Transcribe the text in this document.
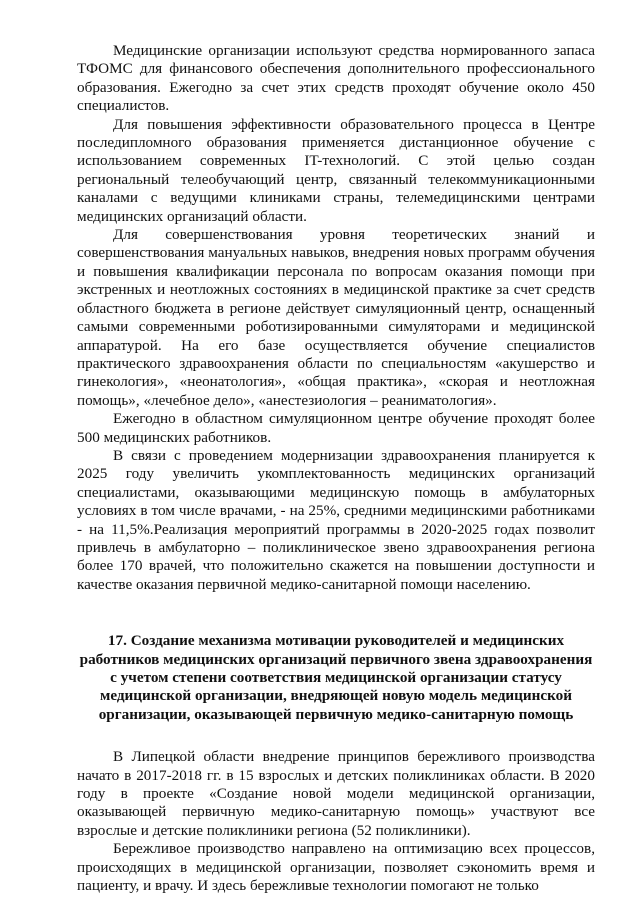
Медицинские организации используют средства нормированного запаса ТФОМС для финансового обеспечения дополнительного профессионального образования. Ежегодно за счет этих средств проходят обучение около 450 специалистов.

Для повышения эффективности образовательного процесса в Центре последипломного образования применяется дистанционное обучение с использованием современных IT-технологий. С этой целью создан региональный телеобучающий центр, связанный телекоммуникационными каналами с ведущими клиниками страны, телемедицинскими центрами медицинских организаций области.

Для совершенствования уровня теоретических знаний и совершенствования мануальных навыков, внедрения новых программ обучения и повышения квалификации персонала по вопросам оказания помощи при экстренных и неотложных состояниях в медицинской практике за счет средств областного бюджета в регионе действует симуляционный центр, оснащенный самыми современными роботизированными симуляторами и медицинской аппаратурой. На его базе осуществляется обучение специалистов практического здравоохранения области по специальностям «акушерство и гинекология», «неонатология», «общая практика», «скорая и неотложная помощь», «лечебное дело», «анестезиология – реаниматология».

Ежегодно в областном симуляционном центре обучение проходят более 500 медицинских работников.

В связи с проведением модернизации здравоохранения планируется к 2025 году увеличить укомплектованность медицинских организаций специалистами, оказывающими медицинскую помощь в амбулаторных условиях в том числе врачами, - на 25%, средними медицинскими работниками - на 11,5%.Реализация мероприятий программы в 2020-2025 годах позволит привлечь в амбулаторно – поликлиническое звено здравоохранения региона более 170 врачей, что положительно скажется на повышении доступности и качестве оказания первичной медико-санитарной помощи населению.

17. Создание механизма мотивации руководителей и медицинских
работников медицинских организаций первичного звена здравоохранения
с учетом степени соответствия медицинской организации статусу
медицинской организации, внедряющей новую модель медицинской
организации, оказывающей первичную медико-санитарную помощь

В Липецкой области внедрение принципов бережливого производства начато в 2017-2018 гг. в 15 взрослых и детских поликлиниках области. В 2020 году в проекте «Создание новой модели медицинской организации, оказывающей первичную медико-санитарную помощь» участвуют все взрослые и детские поликлиники региона (52 поликлиники).

Бережливое производство направлено на оптимизацию всех процессов, происходящих в медицинской организации, позволяет сэкономить время и пациенту, и врачу. И здесь бережливые технологии помогают не только
